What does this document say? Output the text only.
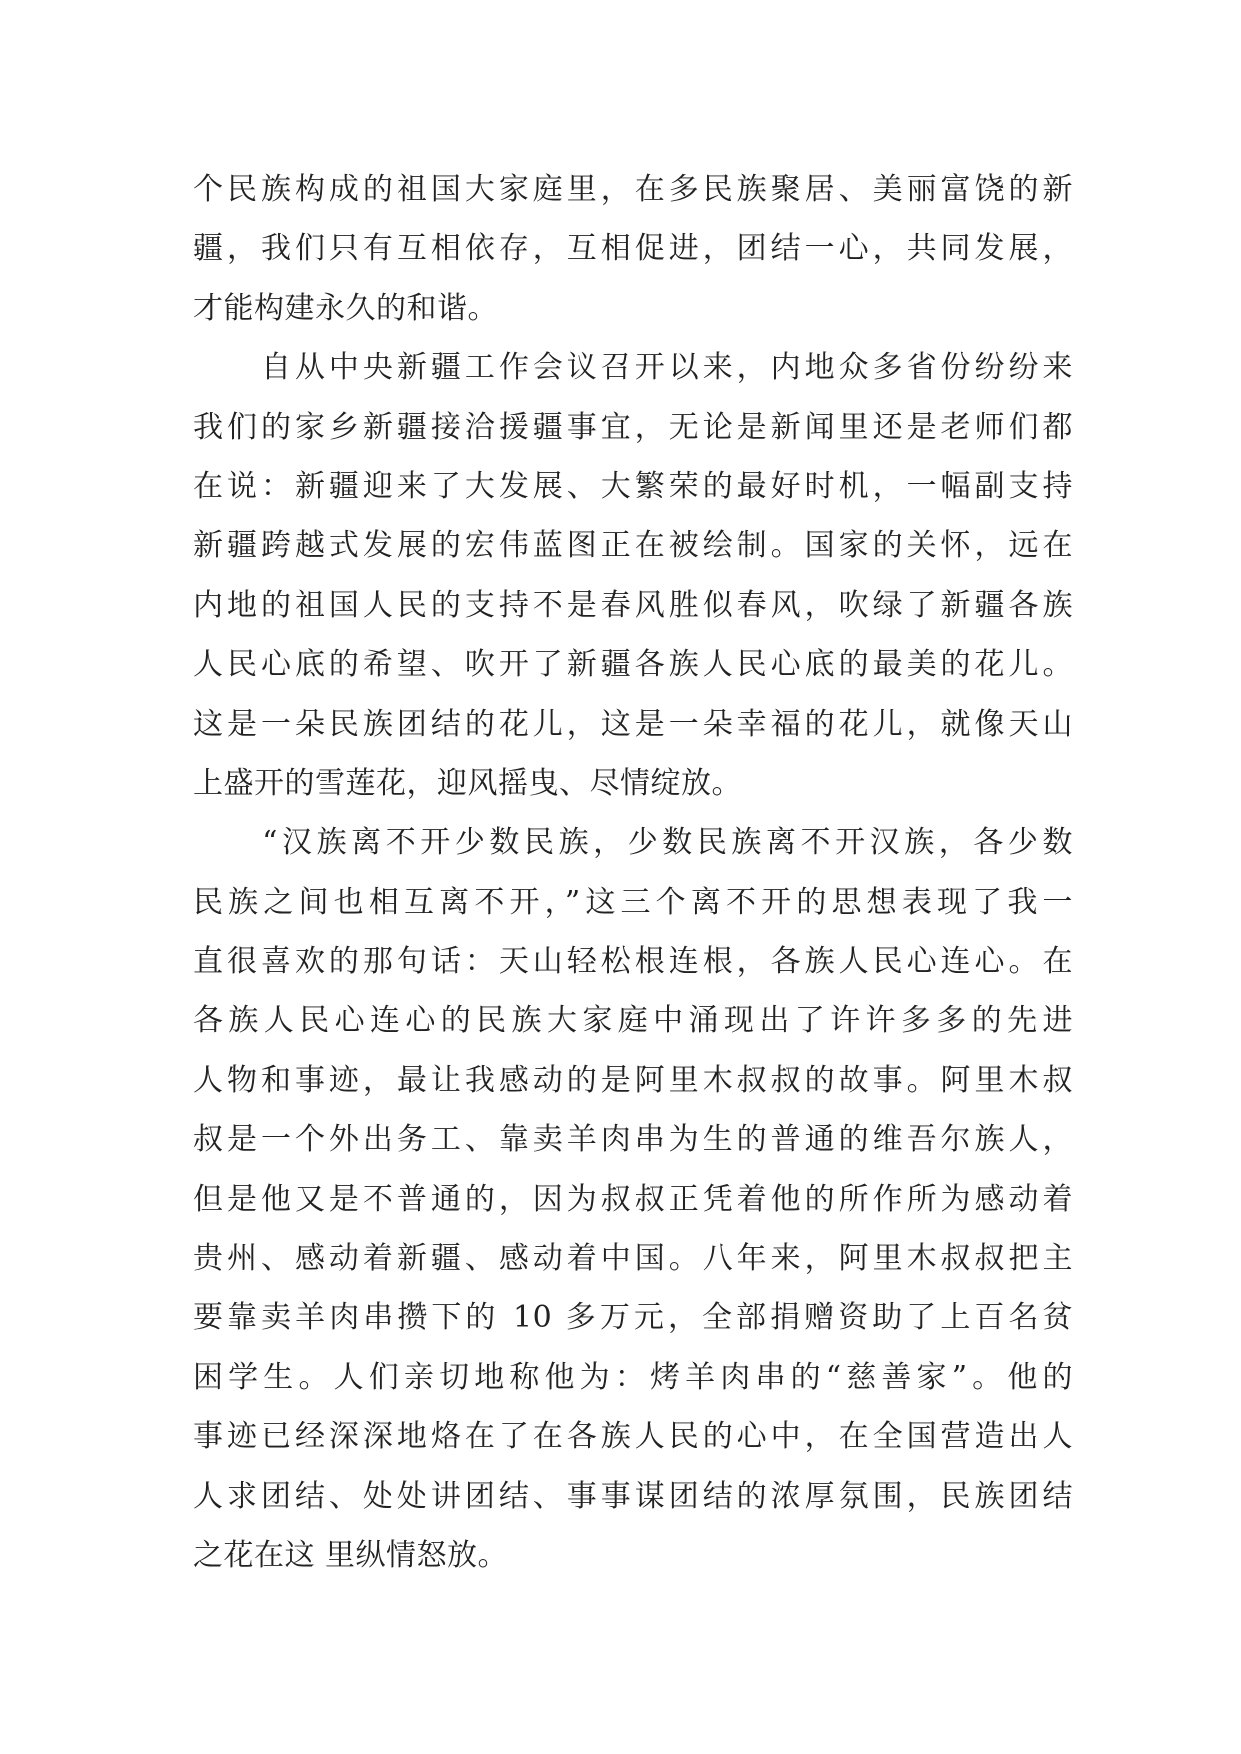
个民族构成的祖国大家庭里，在多民族聚居、美丽富饶的新
疆，我们只有互相依存，互相促进，团结一心，共同发展，
才能构建永久的和谐。
　　自从中央新疆工作会议召开以来，内地众多省份纷纷来
我们的家乡新疆接洽援疆事宜，无论是新闻里还是老师们都
在说：新疆迎来了大发展、大繁荣的最好时机，一幅副支持
新疆跨越式发展的宏伟蓝图正在被绘制。国家的关怀，远在
内地的祖国人民的支持不是春风胜似春风，吹绿了新疆各族
人民心底的希望、吹开了新疆各族人民心底的最美的花儿。
这是一朵民族团结的花儿，这是一朵幸福的花儿，就像天山
上盛开的雪莲花，迎风摇曳、尽情绽放。
　　“汉族离不开少数民族，少数民族离不开汉族，各少数
民族之间也相互离不开，”这三个离不开的思想表现了我一
直很喜欢的那句话：天山轻松根连根，各族人民心连心。在
各族人民心连心的民族大家庭中涌现出了许许多多的先进
人物和事迹，最让我感动的是阿里木叔叔的故事。阿里木叔
叔是一个外出务工、靠卖羊肉串为生的普通的维吾尔族人，
但是他又是不普通的，因为叔叔正凭着他的所作所为感动着
贵州、感动着新疆、感动着中国。八年来，阿里木叔叔把主
要靠卖羊肉串攒下的 10 多万元，全部捐赠资助了上百名贫
困学生。人们亲切地称他为：烤羊肉串的“慈善家”。他的
事迹已经深深地烙在了在各族人民的心中，在全国营造出人
人求团结、处处讲团结、事事谋团结的浓厚氛围，民族团结
之花在这 里纵情怒放。
